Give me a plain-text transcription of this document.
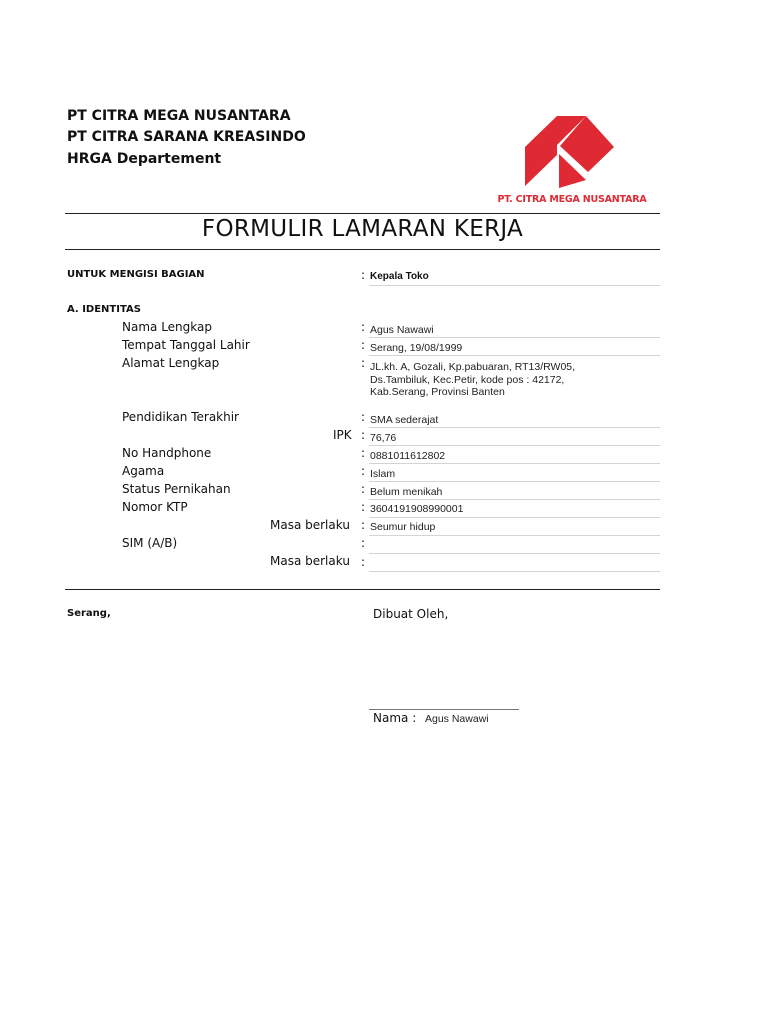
PT CITRA MEGA NUSANTARA
PT CITRA SARANA KREASINDO
HRGA Departement
PT. CITRA MEGA NUSANTARA
FORMULIR LAMARAN KERJA
UNTUK MENGISI BAGIAN	: Kepala Toko
A. IDENTITAS
Nama Lengkap	: Agus Nawawi
Tempat Tanggal Lahir	: Serang, 19/08/1999
Alamat Lengkap	: JL.kh. A, Gozali, Kp.pabuaran, RT13/RW05,
Ds.Tambiluk, Kec.Petir, kode pos : 42172,
Kab.Serang, Provinsi Banten
Pendidikan Terakhir	: SMA sederajat
IPK : 76,76
No Handphone	: 0881011612802
Agama	: Islam
Status Pernikahan	: Belum menikah
Nomor KTP	: 3604191908990001
Masa berlaku : Seumur hidup
SIM (A/B)	:
Masa berlaku :
Serang,	Dibuat Oleh,
Nama : Agus Nawawi
